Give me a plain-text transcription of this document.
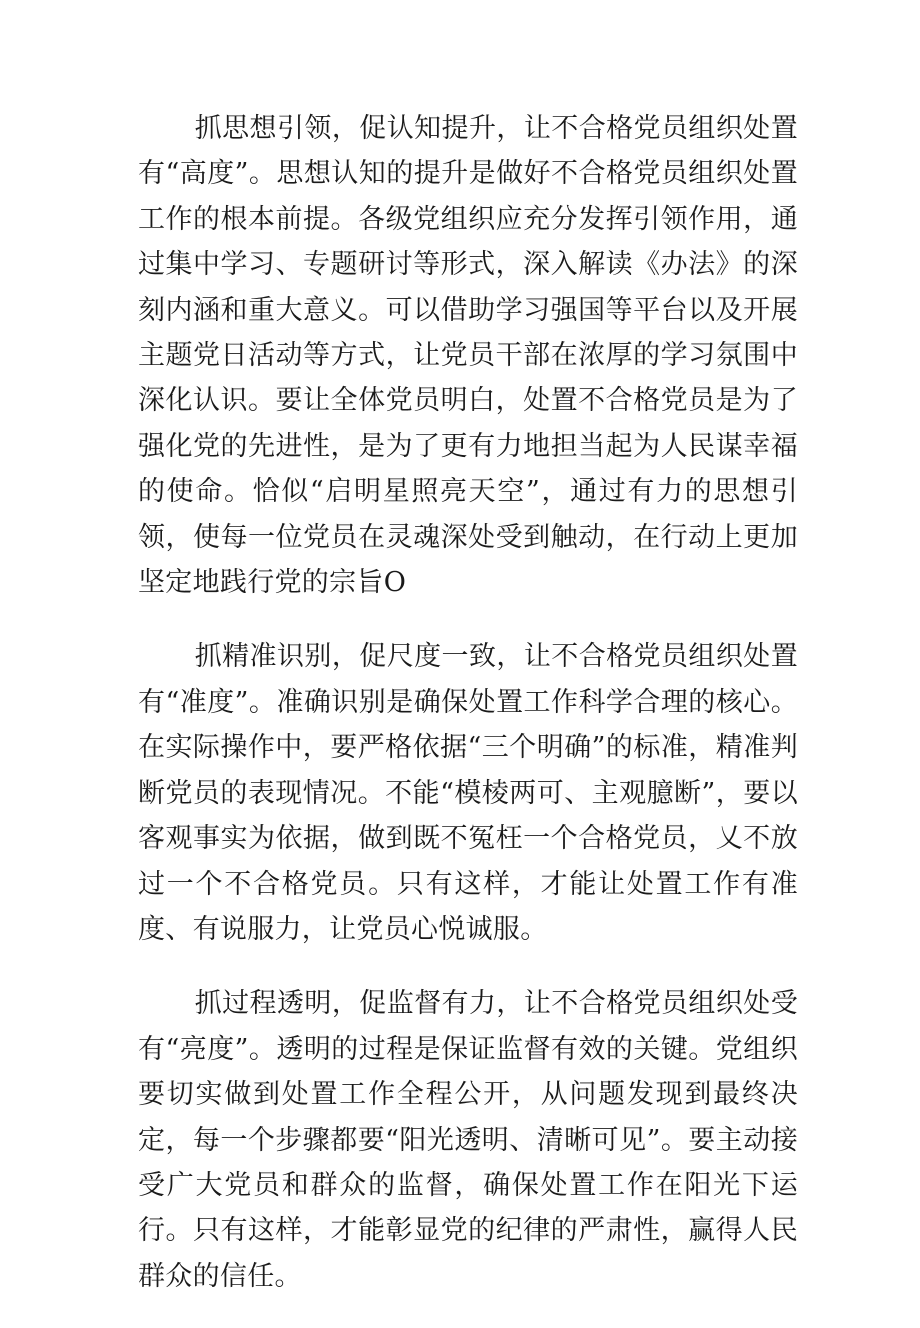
抓思想引领，促认知提升，让不合格党员组织处置有“高度”。思想认知的提升是做好不合格党员组织处置工作的根本前提。各级党组织应充分发挥引领作用，通过集中学习、专题研讨等形式，深入解读《办法》的深刻内涵和重大意义。可以借助学习强国等平台以及开展主题党日活动等方式，让党员干部在浓厚的学习氛围中深化认识。要让全体党员明白，处置不合格党员是为了强化党的先进性，是为了更有力地担当起为人民谋幸福的使命。恰似“启明星照亮天空”，通过有力的思想引领，使每一位党员在灵魂深处受到触动，在行动上更加坚定地践行党的宗旨O

抓精准识别，促尺度一致，让不合格党员组织处置有“准度”。准确识别是确保处置工作科学合理的核心。在实际操作中，要严格依据“三个明确”的标准，精准判断党员的表现情况。不能“模棱两可、主观臆断”，要以客观事实为依据，做到既不冤枉一个合格党员，乂不放过一个不合格党员。只有这样，才能让处置工作有准度、有说服力，让党员心悦诚服。

抓过程透明，促监督有力，让不合格党员组织处受有“亮度”。透明的过程是保证监督有效的关键。党组织要切实做到处置工作全程公开，从问题发现到最终决定，每一个步骤都要“阳光透明、清晰可见”。要主动接受广大党员和群众的监督，确保处置工作在阳光下运行。只有这样，才能彰显党的纪律的严肃性，赢得人民群众的信任。
